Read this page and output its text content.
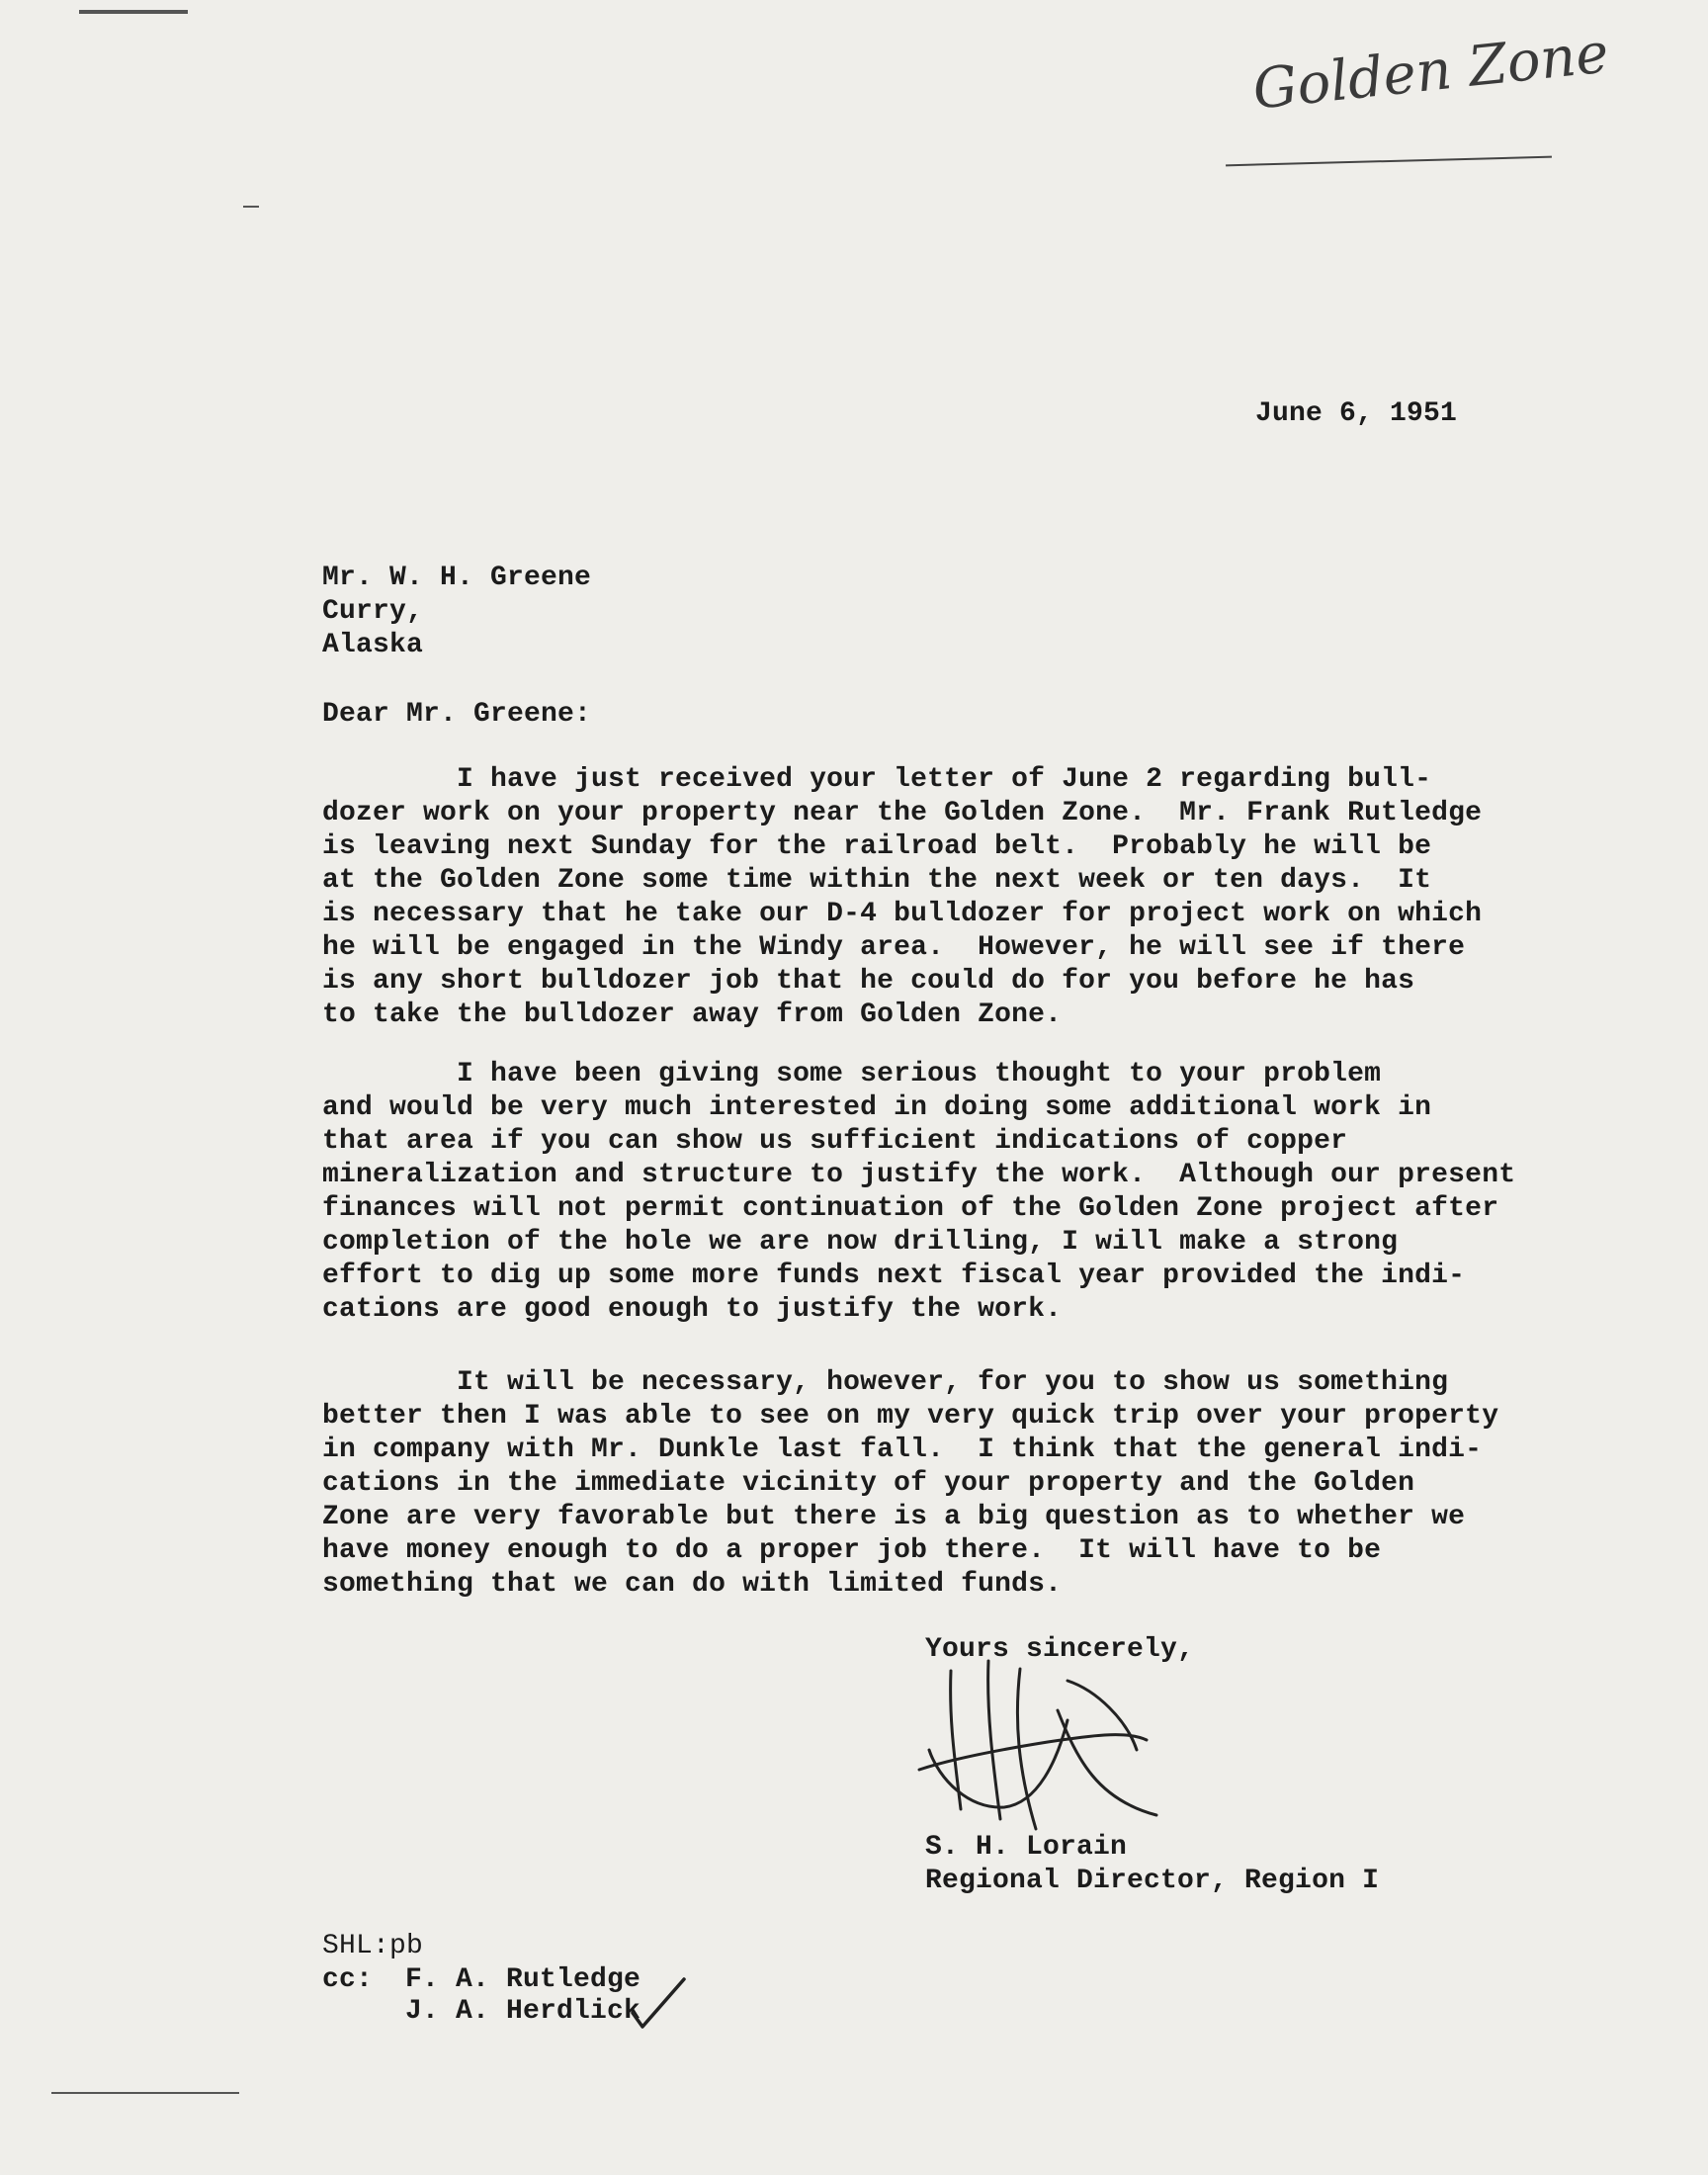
Golden Zone

June 6, 1951

Mr. W. H. Greene

Curry,

Alaska

Dear Mr. Greene:

I have just received your letter of June 2 regarding bull-
dozer work on your property near the Golden Zone.  Mr. Frank Rutledge
is leaving next Sunday for the railroad belt.  Probably he will be
at the Golden Zone some time within the next week or ten days.  It
is necessary that he take our D-4 bulldozer for project work on which
he will be engaged in the Windy area.  However, he will see if there
is any short bulldozer job that he could do for you before he has
to take the bulldozer away from Golden Zone.
I have been giving some serious thought to your problem
and would be very much interested in doing some additional work in
that area if you can show us sufficient indications of copper
mineralization and structure to justify the work.  Although our present
finances will not permit continuation of the Golden Zone project after
completion of the hole we are now drilling, I will make a strong
effort to dig up some more funds next fiscal year provided the indi-
cations are good enough to justify the work.
It will be necessary, however, for you to show us something
better then I was able to see on my very quick trip over your property
in company with Mr. Dunkle last fall.  I think that the general indi-
cations in the immediate vicinity of your property and the Golden
Zone are very favorable but there is a big question as to whether we
have money enough to do a proper job there.  It will have to be
something that we can do with limited funds.

Yours sincerely,

S. H. Lorain

Regional Director, Region I

SHL:pb

cc: F. A. Rutledge

J. A. Herdlick
